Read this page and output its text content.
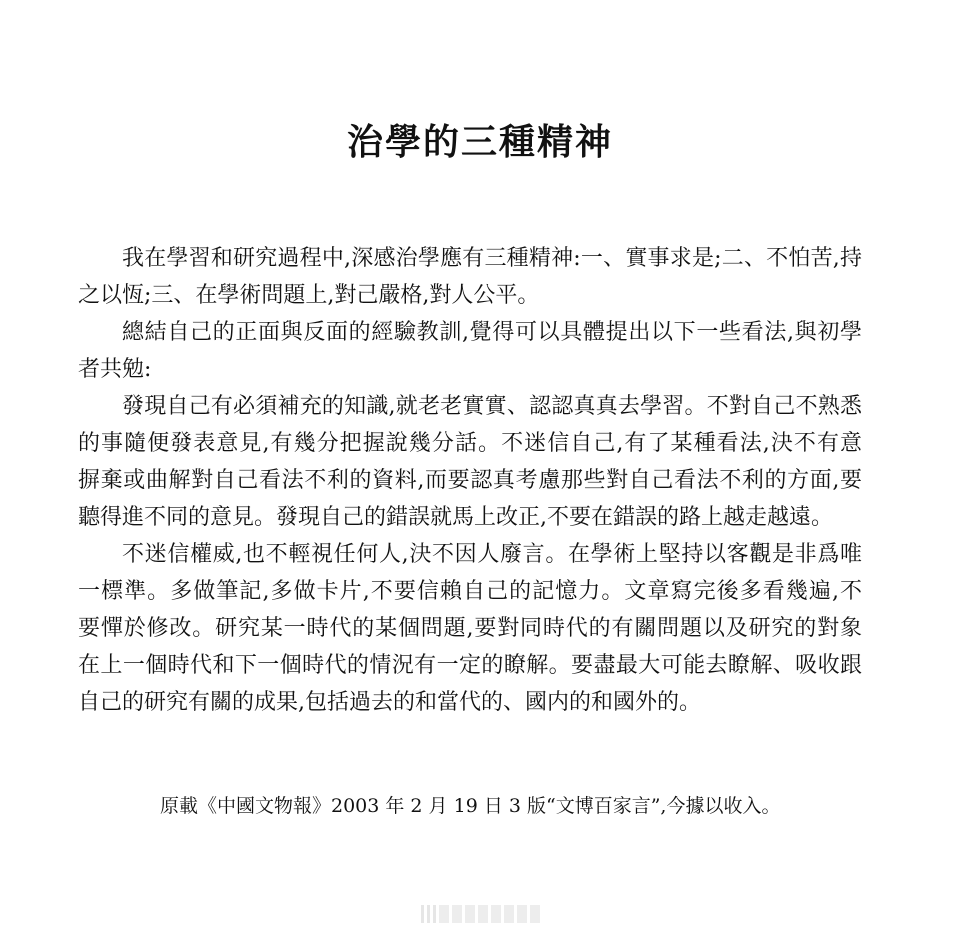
治學的三種精神
我在學習和研究過程中,深感治學應有三種精神:一、實事求是;二、不怕苦,持
之以恆;三、在學術問題上,對己嚴格,對人公平。
總結自己的正面與反面的經驗教訓,覺得可以具體提出以下一些看法,與初學
者共勉:
發現自己有必須補充的知識,就老老實實、認認真真去學習。不對自己不熟悉
的事隨便發表意見,有幾分把握說幾分話。不迷信自己,有了某種看法,決不有意
摒棄或曲解對自己看法不利的資料,而要認真考慮那些對自己看法不利的方面,要
聽得進不同的意見。發現自己的錯誤就馬上改正,不要在錯誤的路上越走越遠。
不迷信權威,也不輕視任何人,決不因人廢言。在學術上堅持以客觀是非爲唯
一標準。多做筆記,多做卡片,不要信賴自己的記憶力。文章寫完後多看幾遍,不
要憚於修改。研究某一時代的某個問題,要對同時代的有關問題以及研究的對象
在上一個時代和下一個時代的情況有一定的瞭解。要盡最大可能去瞭解、吸收跟
自己的研究有關的成果,包括過去的和當代的、國内的和國外的。
原載《中國文物報》2003 年 2 月 19 日 3 版“文博百家言”,今據以收入。
